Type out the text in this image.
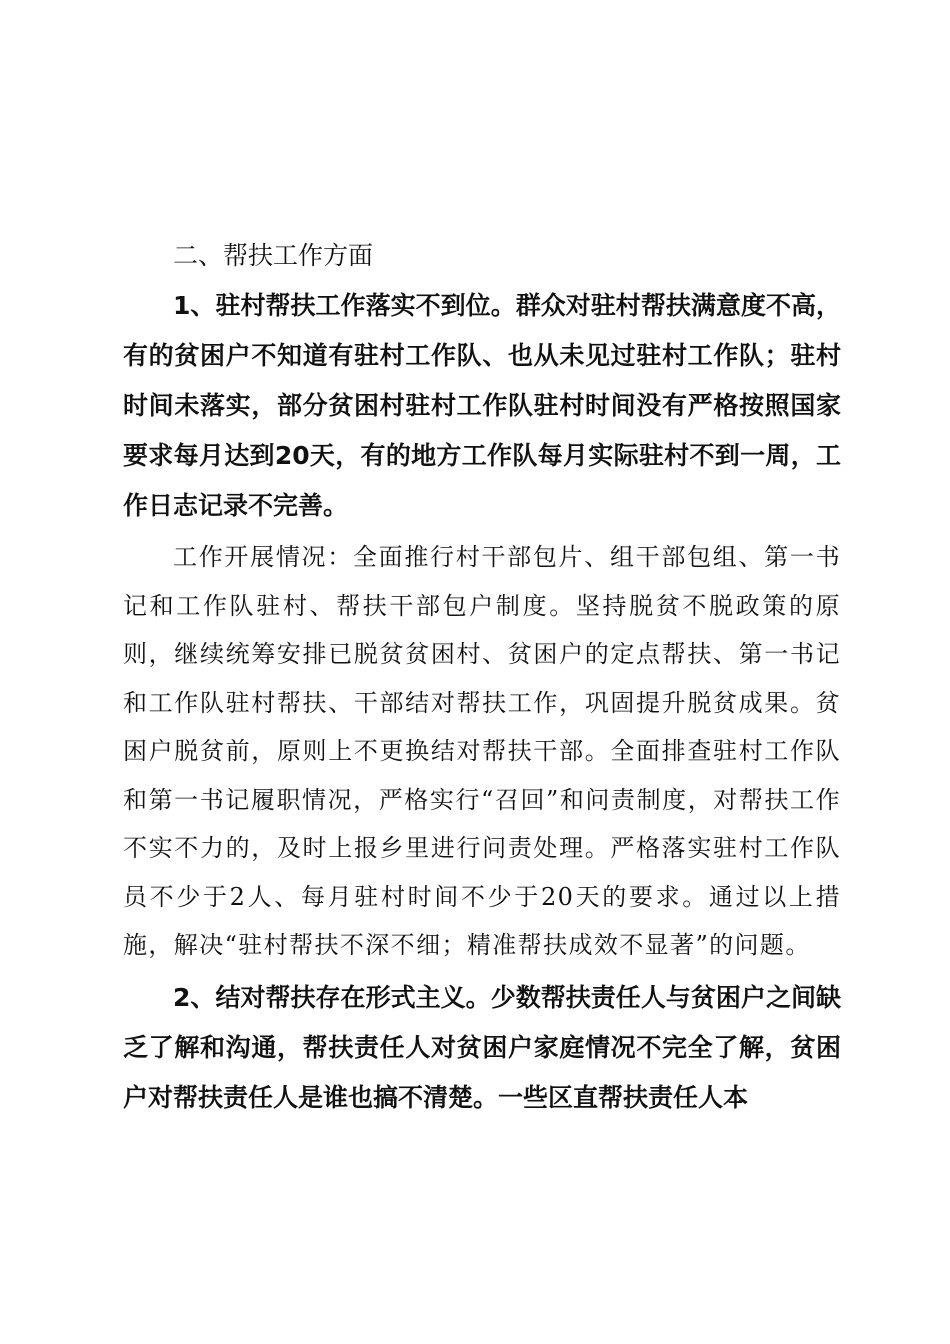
二、帮扶工作方面

1、驻村帮扶工作落实不到位。群众对驻村帮扶满意度不高，有的贫困户不知道有驻村工作队、也从未见过驻村工作队；驻村时间未落实，部分贫困村驻村工作队驻村时间没有严格按照国家要求每月达到20天，有的地方工作队每月实际驻村不到一周，工作日志记录不完善。

工作开展情况：全面推行村干部包片、组干部包组、第一书记和工作队驻村、帮扶干部包户制度。坚持脱贫不脱政策的原则，继续统筹安排已脱贫贫困村、贫困户的定点帮扶、第一书记和工作队驻村帮扶、干部结对帮扶工作，巩固提升脱贫成果。贫困户脱贫前，原则上不更换结对帮扶干部。全面排查驻村工作队和第一书记履职情况，严格实行“召回”和问责制度，对帮扶工作不实不力的，及时上报乡里进行问责处理。严格落实驻村工作队员不少于2人、每月驻村时间不少于20天的要求。通过以上措施，解决“驻村帮扶不深不细；精准帮扶成效不显著”的问题。

2、结对帮扶存在形式主义。少数帮扶责任人与贫困户之间缺乏了解和沟通，帮扶责任人对贫困户家庭情况不完全了解，贫困户对帮扶责任人是谁也搞不清楚。一些区直帮扶责任人本
